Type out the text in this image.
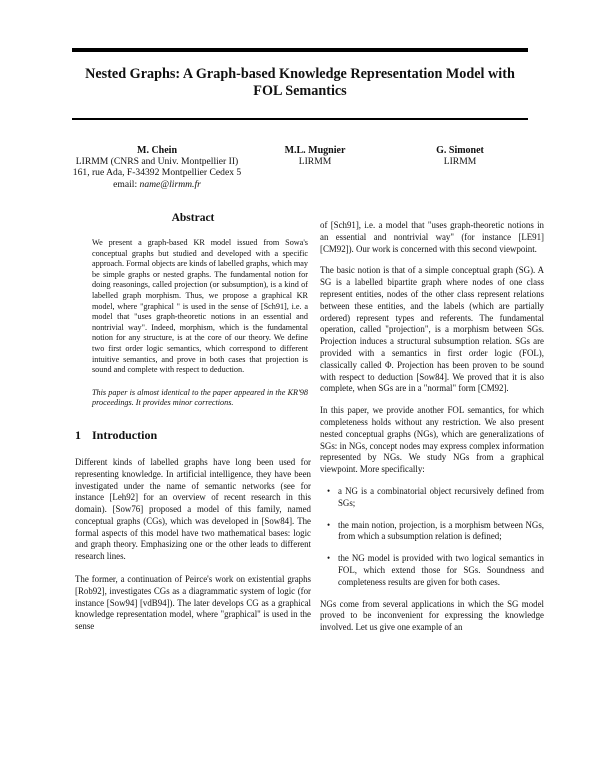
Nested Graphs: A Graph-based Knowledge Representation Model with FOL Semantics
M. Chein
LIRMM (CNRS and Univ. Montpellier II)
161, rue Ada, F-34392 Montpellier Cedex 5
email: name@lirmm.fr
M.L. Mugnier
LIRMM
G. Simonet
LIRMM
Abstract

We present a graph-based KR model issued from Sowa's conceptual graphs but studied and developed with a specific approach. Formal objects are kinds of labelled graphs, which may be simple graphs or nested graphs. The fundamental notion for doing reasonings, called projection (or subsumption), is a kind of labelled graph morphism. Thus, we propose a graphical KR model, where "graphical " is used in the sense of [Sch91], i.e. a model that "uses graph-theoretic notions in an essential and nontrivial way". Indeed, morphism, which is the fundamental notion for any structure, is at the core of our theory. We define two first order logic semantics, which correspond to different intuitive semantics, and prove in both cases that projection is sound and complete with respect to deduction.

This paper is almost identical to the paper appeared in the KR'98 proceedings. It provides minor corrections.

1 Introduction

Different kinds of labelled graphs have long been used for representing knowledge. In artificial intelligence, they have been investigated under the name of semantic networks (see for instance [Leh92] for an overview of recent research in this domain). [Sow76] proposed a model of this family, named conceptual graphs (CGs), which was developed in [Sow84]. The formal aspects of this model have two mathematical bases: logic and graph theory. Emphasizing one or the other leads to different research lines.

The former, a continuation of Peirce's work on existential graphs [Rob92], investigates CGs as a diagrammatic system of logic (for instance [Sow94] [vdB94]). The later develops CG as a graphical knowledge representation model, where "graphical" is used in the sense

of [Sch91], i.e. a model that "uses graph-theoretic notions in an essential and nontrivial way" (for instance [LE91] [CM92]). Our work is concerned with this second viewpoint.

The basic notion is that of a simple conceptual graph (SG). A SG is a labelled bipartite graph where nodes of one class represent entities, nodes of the other class represent relations between these entities, and the labels (which are partially ordered) represent types and referents. The fundamental operation, called "projection", is a morphism between SGs. Projection induces a structural subsumption relation. SGs are provided with a semantics in first order logic (FOL), classically called Φ. Projection has been proven to be sound with respect to deduction [Sow84]. We proved that it is also complete, when SGs are in a "normal" form [CM92].

In this paper, we provide another FOL semantics, for which completeness holds without any restriction. We also present nested conceptual graphs (NGs), which are generalizations of SGs: in NGs, concept nodes may express complex information represented by NGs. We study NGs from a graphical viewpoint. More specifically:

• a NG is a combinatorial object recursively defined from SGs;
• the main notion, projection, is a morphism between NGs, from which a subsumption relation is defined;
• the NG model is provided with two logical semantics in FOL, which extend those for SGs. Soundness and completeness results are given for both cases.

NGs come from several applications in which the SG model proved to be inconvenient for expressing the knowledge involved. Let us give one example of an
